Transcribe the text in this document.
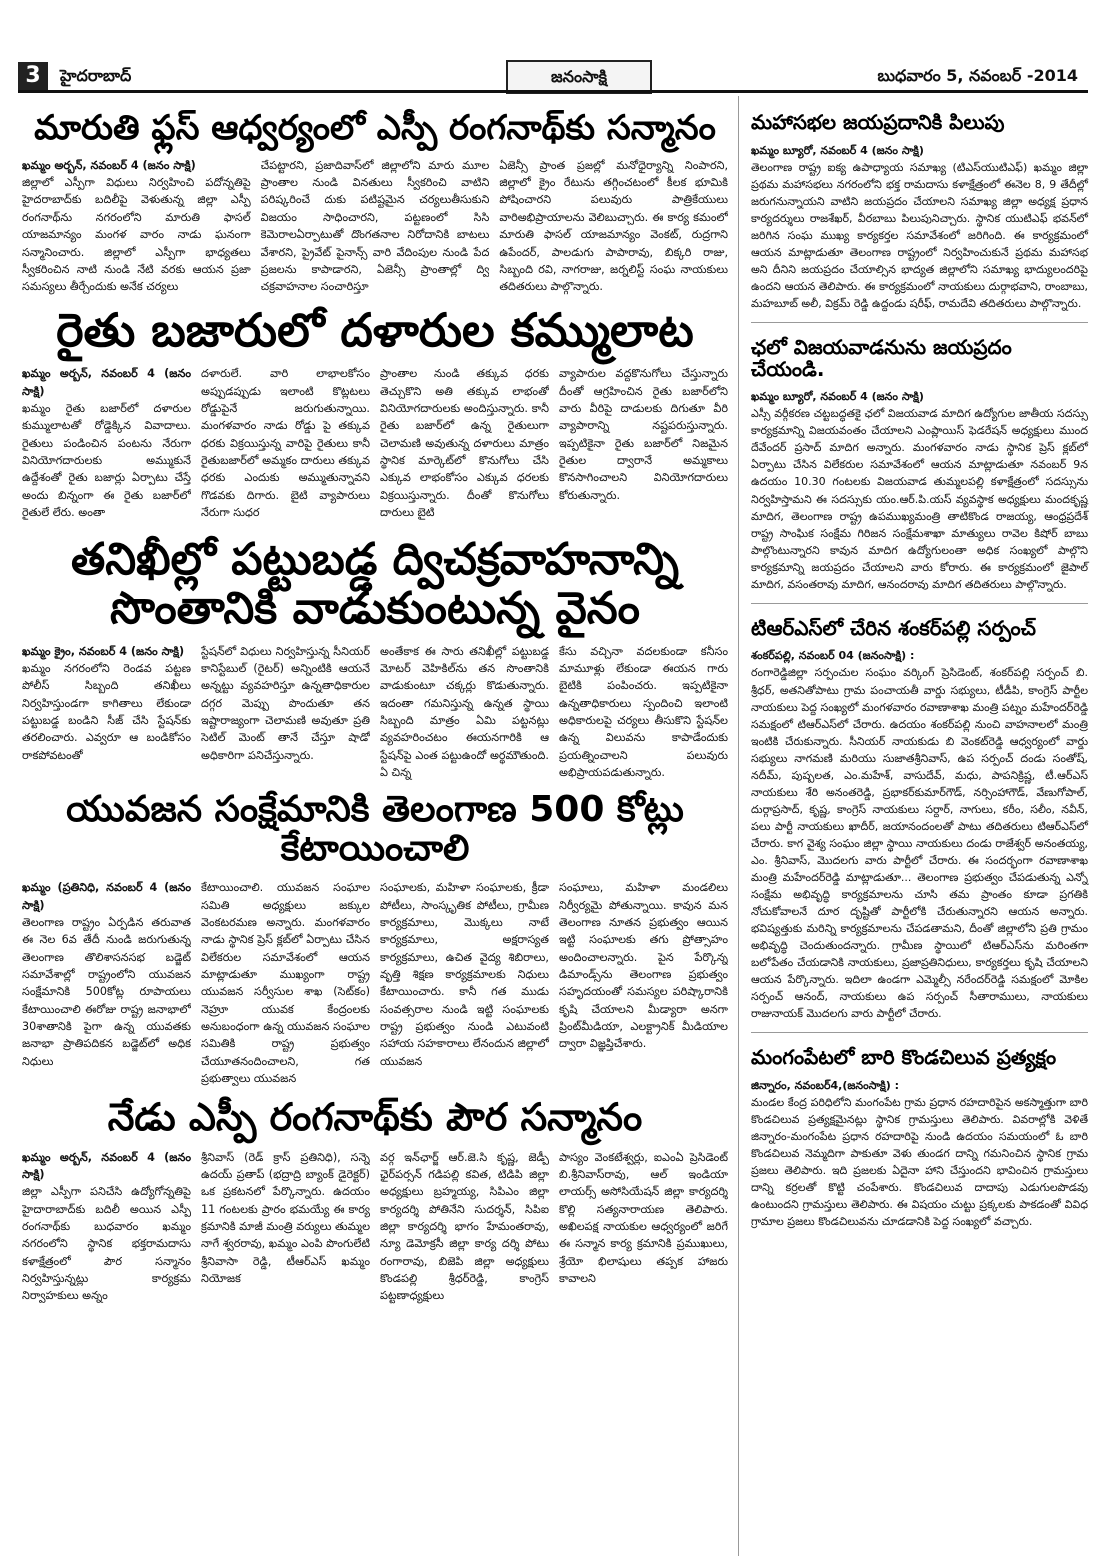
3	హైదరాబాద్	జనంసాక్షి	బుధవారం 5, నవంబర్ -2014
మారుతి ఫ్లస్ ఆధ్వర్యంలో ఎస్పీ రంగనాథ్‌కు సన్మానం
ఖమ్మం అర్బన్, నవంబర్ 4 (జనం సాక్షి)
జిల్లాలో ఎస్పీగా విధులు నిర్వహించి పదోన్నతిపై హైదరాబాద్‌కు బదిలీపై వెళుతున్న జిల్లా ఎస్పీ రంగనాథ్‌ను నగరంలోని మారుతి ఫాసల్ యాజమాన్యం మంగళ వారం నాడు ఘనంగా సన్మానించారు. జిల్లాలో ఎస్పీగా భాధ్యతలు స్వీకరించిన నాటి నుండి నేటి వరకు ఆయన ప్రజా సమస్యలు తీర్చేందుకు అనేక చర్యలు
చేపట్టారని, ప్రజాదివాస్‌లో జిల్లాలోని మారు మూల ప్రాంతాల నుండి వినతులు స్వీకరించి వాటిని పరిష్కరించే దుకు పటిష్టమైన చర్యలుతీసుకుని విజయం సాధించారని, పట్టణంలో సిసి కెమెరాలఏర్పాటుతో దొంగతనాల నిరోదానికి బాటలు వేశారని, ప్రైవేట్ పైనాన్స్ వారి వేదింపుల నుండి పేద ప్రజలను కాపాడారని, ఏజెన్సీ ప్రాంతాల్లో ద్వి చక్రవాహనాల సంచారిస్తూ
ఏజెన్సీ ప్రాంత ప్రజల్లో మనోధైర్యాన్ని నింపారని, జిల్లాలో క్రైం రేటును తగ్గించటంలో కీలక భూమికి పోషించారని పలువురు పాత్రికేయులు వారిఅభిప్రాయాలను వెలిబుచ్చారు. ఈ కార్య కమంలో మారుతి ఫాసల్ యాజమాన్యం వెంకట్, రుద్రగాని ఉపేందర్, పాలడుగు పాపారావు, బిక్కరి రాజు, సిబ్బంది రవి, నాగరాజు, జర్నలిస్ట్ సంఘ నాయకులు తదితరులు పాల్గొన్నారు.
రైతు బజారులో దళారుల కమ్ములాట
ఖమ్మం అర్బన్, నవంబర్ 4 (జనం సాక్షి)
ఖమ్మం రైతు బజార్‌లో దళారుల కుమ్ములాటతో రోడ్డెక్కిన వివాదాలు. రైతులు పండించిన పంటను నేరుగా వినియోగదారులకు అమ్ముకునే ఉద్దేశంతో రైతు బజార్లు ఏర్పాటు చేస్తే అందు బిన్నంగా ఈ రైతు బజార్‌లో రైతులే లేరు. అంతా
దళారులే. వారి లాభాలకోసం అప్పుడప్పుడు ఇలాంటి కొట్లటలు రోడ్డుపైనే జరుగుతున్నాయి. మంగళవారం నాడు రోడ్డు పై తక్కువ ధరకు విక్రయిస్తున్న వారిపై రైతులు కానీ రైతుబజార్‌లో అమ్మకం దారులు తక్కువ ధరకు ఎందుకు అమ్ముతున్నావని గొడవకు దిగారు. బైటి వ్యాపారులు నేరుగా సుధర
ప్రాంతాల నుండి తక్కువ ధరకు తెచ్చుకొని అతి తక్కువ లాభంతో వినియోగదారులకు అందిస్తున్నారు. కానీ రైతు బజార్‌లో ఉన్న రైతులుగా చెలామణి అవుతున్న దళారులు మాత్రం స్థానిక మార్కెట్‌లో కొనుగోలు చేసి ఎక్కువ లాభంకోసం ఎక్కువ ధరలకు విక్రయిస్తున్నారు. దీంతో కొనుగోలు దారులు బైటి
వ్యాపారుల వద్దకొనుగోలు చేస్తున్నారు దీంతో ఆగ్రహించిన రైతు బజార్‌లోని వారు వీరిపై దాడులకు దిగుతూ వీరి వ్యాపారాన్ని నష్టపరుస్తున్నారు. ఇప్పటికైనా రైతు బజార్‌లో నిజమైన రైతుల ద్వారానే అమ్మకాలు కొనసాగించాలని వినియోగదారులు కోరుతున్నారు.
తనిఖీల్లో పట్టుబడ్డ ద్విచక్రవాహనాన్ని
సొంతానికి వాడుకుంటున్న వైనం
ఖమ్మం క్రైం, నవంబర్ 4 (జనం సాక్షి)
ఖమ్మం నగరంలోని రెండవ పట్టణ పోలీస్ సిబ్బంది తనిఖీలు నిర్వహిస్తుండగా కాగితాలు లేకుండా పట్టుబడ్డ బండిని సీజ్ చేసి స్టేషన్‌కు తరలించారు. ఎవ్వరూ ఆ బండికోసం రాకపోవటంతో
స్టేషన్‌లో విధులు నిర్వహిస్తున్న సీనియర్ కానిస్టేబుల్ (రైటర్) అన్నింటికి ఆయనే అన్నట్టు వ్యవహరిస్తూ ఉన్నతాధికారుల దగ్గర మెప్పు పొందుతూ తన ఇష్టారాజ్యంగా చెలామణి అవుతూ ప్రతి సెటిల్ మెంట్ తానే చేస్తూ షాడో అధికారిగా పనిచేస్తున్నారు.
అంతేకాక ఈ సారు తనిఖీల్లో పట్టుబడ్డ మోటర్ వెహికిల్‌ను తన సొంతానికి వాడుకుంటూ చక్కర్లు కొడుతున్నారు. ఇదంతా గమనిస్తున్న ఉన్నత స్థాయి సిబ్బంది మాత్రం ఏమి పట్టనట్లు వ్యవహరించటం ఈయనగారికి ఆ స్టేషన్‌పై ఎంత పట్టుఉందో అర్థమౌతుంది. ఏ చిన్న
కేసు వచ్చినా వదలకుండా కనీసం మామూళ్లు లేకుండా ఈయన గారు బైటికి పంపించరు. ఇప్పటికైనా ఉన్నతాధికారులు స్పందించి ఇలాంటి అధికారులపై చర్యలు తీసుకొని స్టేషన్‌ల ఉన్న విలువను కాపాడేందుకు ప్రయత్నించాలని పలువురు అభిప్రాయపడుతున్నారు.
యువజన సంక్షేమానికి తెలంగాణ 500 కోట్లు
కేటాయించాలి
ఖమ్మం (ప్రతినిధి, నవంబర్ 4 (జనం సాక్షి)
తెలంగాణ రాష్ట్రం ఏర్పడిన తరువాత ఈ నెల 6వ తేదీ నుండి జరుగుతున్న తెలంగాణ తొలిశాసనసభ బడ్జెట్ సమావేశాల్లో రాష్ట్రంలోని యువజన సంక్షేమానికి 500కోట్ల రూపాయలు కేటాయించాలి ఈరోజు రాష్ట్ర జనాభాలో 30శాతానికి పైగా ఉన్న యువతకు జనాభా ప్రాతిపదికన బడ్జెట్‌లో అధిక నిధులు
కేటాయించాలి. యువజన సంఘాల సమితి అధ్యక్షులు జక్కుల వెంకటరమణ అన్నారు. మంగళవారం నాడు స్థానిక ప్రెస్ క్లబ్‌లో ఏర్పాటు చేసిన విలేకరుల సమావేశంలో ఆయన మాట్లాడుతూ ముఖ్యంగా రాష్ట్ర యువజన సర్వీసుల శాఖ (సెట్‌కం) నెహ్రూ యువక కేంద్రంలకు అనుబంధంగా ఉన్న యువజన సంఘాల సమితికి రాష్ట్ర ప్రభుత్వం చేయూతనందించాలని, గత ప్రభుత్వాలు యువజన
సంఘాలకు, మహిళా సంఘాలకు, క్రీడా పోటీలు, సాంస్కృతిక పోటీలు, గ్రామీణ కార్యక్రమాలు, మొక్కలు నాటే కార్యక్రమాలు, అక్షరాస్యత కార్యక్రమాలు, ఉచిత వైద్య శిబిరాలు, వృత్తి శిక్షణ కార్యక్రమాలకు నిధులు కేటాయించారు. కానీ గత ముడు సంవత్సరాల నుండి ఇట్టి సంఘాలకు రాష్ట్ర ప్రభుత్వం నుండి ఎటువంటి సహాయ సహకారాలు లేనందున జిల్లాలో యువజన
సంఘాలు, మహిళా మండలిలు నిర్వీర్యమై పోతున్నాయి. కావున మన తెలంగాణ నూతన ప్రభుత్వం ఆయిన ఇట్టి సంఘాలకు తగు ప్రోత్సాహం అందించాలన్నారు. పైన పేర్కొన్న డిమాండ్స్‌ను తెలంగాణ ప్రభుత్వం సహృదయంతో సమస్యల పరిష్కారానికి కృషి చేయాలని మీడ్యారా అనగా ప్రింట్‌మీడియా, ఎలక్ట్రానిక్ మీడియాల ద్వారా విజ్ఞప్తిచేశారు.
నేడు ఎస్పీ రంగనాథ్‌కు పౌర సన్మానం
ఖమ్మం అర్బన్, నవంబర్ 4 (జనం సాక్షి)
జిల్లా ఎస్పీగా పనిచేసి ఉద్యోగోన్నతిపై హైదారాబాద్‌కు బదిలీ అయిన ఎస్పీ రంగనాథ్‌కు బుధవారం ఖమ్మం నగరంలోని స్థానిక భక్తరామదాసు కళాక్షేత్రంలో పౌర సన్మానం నిర్వహిస్తున్నట్లు కార్యక్రమ నిర్వాహకులు అన్నం
శ్రీనివాస్ (రెడ్ క్రాస్ ప్రతినిధి), సన్నె ఉదయ్ ప్రతాప్ (భద్రాద్రి బ్యాంక్ డైరెక్టర్) ఒక ప్రకటనలో పేర్కొన్నారు. ఉదయం 11 గంటలకు ప్రారం భమయ్యే ఈ కార్య క్రమానికి మాజీ మంత్రి వర్యులు తుమ్మల నాగే శ్వరరావు, ఖమ్మం ఎంపి పొంగులేటి శ్రీనివాసా రెడ్డి, టీఆర్ఎస్ ఖమ్మం నియోజక
వర్గ ఇన్‌ఛార్జ్ ఆర్.జె.సి కృష్ణ, జెడ్పీ ఛైర్‌పర్సన్ గడిపల్లి కవిత, టిడిపి జిల్లా అధ్యక్షులు బ్రహ్మయ్య, సిపిఎం జిల్లా కార్యదర్శి పోతినేని సుదర్శన్, సిపిఐ జిల్లా కార్యదర్శి భాగం హేమంతరావు, న్యూ డెమోక్రసీ జిల్లా కార్య దర్శి పోటు రంగారావు, బిజెపి జిల్లా అధ్యక్షులు కొండపల్లి శ్రీధర్‌రెడ్డి, కాంగ్రెస్ పట్టణాధ్యక్షులు
పాస్యం వెంకటేశ్వర్లు, ఐఎంఏ ప్రెసిడెంట్ బి.శ్రీనివాస్‌రావు, ఆల్ ఇండియా లాయర్స్ అసోసియేషన్ జిల్లా కార్యదర్శి కొల్లి సత్యనారాయణ తెలిపారు. అఖిలపక్ష నాయకుల ఆధ్వర్యంలో జరిగే ఈ సన్మాన కార్య క్రమానికి ప్రముఖులు, శ్రేయో భిలాషులు తప్పక హాజరు కావాలని
మహాసభల జయప్రదానికి పిలుపు
ఖమ్మం బ్యూరో, నవంబర్ 4 (జనం సాక్షి)
తెలంగాణ రాష్ట్ర ఐక్య ఉపాధ్యాయ సమాఖ్య (టిఎస్‌యుటిఎఫ్) ఖమ్మం జిల్లా ప్రథమ మహాసభలు నగరంలోని భక్త రామదాసు కళాక్షేత్రంలో ఈనెల 8, 9 తేదీల్లో జరుగనున్నాయని వాటిని జయప్రదం చేయాలని సమాఖ్య జిల్లా అధ్యక్ష ప్రధాన కార్యదర్శులు రాజశేఖర్, వీరబాబు పిలుపునిచ్చారు. స్థానిక యుటిఎఫ్ భవన్‌లో జరిగిన సంఘ ముఖ్య కార్యకర్తల సమావేశంలో జరిగింది. ఈ కార్యక్రమంలో ఆయన మాట్లాడుతూ తెలంగాణ రాష్ట్రంలో నిర్వహించుకునే ప్రథమ మహాసభ అని దీనిని జయప్రదం చేయాల్సిన భాద్యత జిల్లాలోని సమాఖ్య భాద్యులందరిపై ఉందని ఆయన తెలిపారు. ఈ కార్యక్రమంలో నాయకులు దుర్గాభవాని, రాంబాబు, మహబూబ్ అలీ, విక్రమ్ రెడ్డి ఉద్దండు షరీఫ్, రామదేవి తదితరులు పాల్గొన్నారు.
ఛలో విజయవాడనును జయప్రదం చేయండి.
ఖమ్మం బ్యూరో, నవంబర్ 4 (జనం సాక్షి)
ఎస్సీ వర్గీకరణ చట్టబద్ధతకై ఛలో విజయవాడ మాదిగ ఉద్యోగుల జాతీయ సదస్సు కార్యక్రమాన్ని విజయవంతం చేయాలని ఎంప్లాయిస్ ఫెడరేషన్ అధ్యక్షులు ముంద దేవేందర్ ప్రసాద్ మాదిగ అన్నారు. మంగళవారం నాడు స్థానిక ప్రెస్ క్లబ్‌లో ఏర్పాటు చేసిన విలేకరుల సమావేశంలో ఆయన మాట్లాడుతూ నవంబర్ 9న ఉదయం 10.30 గంటలకు విజయవాడ తుమ్మలపల్లి కళాక్షేత్రంలో సదస్సును నిర్వహిస్తామని ఈ సదస్సుకు యం.ఆర్.పి.యస్ వ్యవస్థాక అధ్యక్షులు మందకృష్ణ మాదిగ, తెలంగాణ రాష్ట్ర ఉపముఖ్యమంత్రి తాటికొండ రాజయ్య, ఆంధ్రప్రదేశ్ రాష్ట్ర సాంఘిక సంక్షేమ గిరిజన సంక్షేమశాఖా మాత్యులు రావెల కిషోర్ బాబు పాల్గొంటున్నారని కావున మాదిగ ఉద్యోగులంతా అధిక సంఖ్యలో పాల్గొని కార్యక్రమాన్ని జయప్రదం చేయాలని వారు కోరారు. ఈ కార్యక్రమంలో జైపాల్ మాదిగ, వసంతరావు మాదిగ, ఆనందరావు మాదిగ తదితరులు పాల్గొన్నారు.
టిఆర్ఎస్‌లో చేరిన శంకర్‌పల్లి సర్పంచ్
శంకర్‌పల్లి, నవంబర్ 04 (జనంసాక్షి) :
రంగారెడ్డిజిల్లా సర్పంచుల సంఘం వర్కింగ్ ప్రెసిడెంట్, శంకర్‌పల్లి సర్పంచ్ బి. శ్రీధర్, అతనితోపాటు గ్రామ పంచాయతీ వార్డు సభ్యులు, టీడీపి, కాంగ్రెస్ పార్టీల నాయకులు పెద్ద సంఖ్యలో మంగళవారం రవాణాశాఖ మంత్రి పట్నం మహేందర్‌రెడ్డి సమక్షంలో టిఆర్ఎస్‌లో చేరారు. ఉదయం శంకర్‌పల్లి నుంచి వాహనాలలో మంత్రి ఇంటికి చేరుకున్నారు. సీనియర్ నాయకుడు బి వెంకట్‌రెడ్డి ఆధ్వర్యంలో వార్డు సభ్యులు నాగమణి మరియు సుజాతశ్రీనివాస్, ఉప సర్పంచ్ దండు సంతోష్, నదీమ్, పుష్పలత, ఎం.మహేశ్, వాసుదేవ్, మధు, పాపనిక్రిష్ణ, టీ.ఆర్ఎస్ నాయకులు శేరి అనంతరెడ్డి, ప్రభాకర్‌కుమార్‌గౌడ్, నర్సింహాగౌడ్, వేణుగోపాల్, దుర్గాప్రసాద్, కృష్ణ, కాంగ్రెస్ నాయకులు సర్దార్, నాగులు, కరీం, సలీం, నవీన్, పలు పార్టీ నాయకులు ఖాదీర్, జయానందంలతో పాటు తదితరులు టిఆర్ఎస్‌లో చేరారు. కాగ వైశ్య సంఘం జిల్లా స్థాయి నాయకులు దండు రాజేశ్వర్ అనంతయ్య, ఎం. శ్రీనివాస్, మొదలగు వారు పార్టీలో చేరారు. ఈ సందర్భంగా రవాణాశాఖ మంత్రి మహేందర్‌రెడ్డి మాట్లాడుతూ... తెలంగాణ ప్రభుత్వం చేపడుతున్న ఎన్నో సంక్షేమ అభివృద్ధి కార్యక్రమాలను చూసి తమ ప్రాంతం కూడా ప్రగతికి నోచుకోవాలనే దూర దృష్టితో పార్టీలోకి చేరుతున్నారని ఆయన అన్నారు. భవిష్యత్తుకు మరిన్ని కార్యక్రమాలను చేపడతామని, దీంతో జిల్లాలోని ప్రతి గ్రామం అభివృద్ధి చెందుతుందన్నారు. గ్రామీణ స్థాయిలో టిఆర్ఎస్‌ను మరింతగా బలోపేతం చేయడానికి నాయకులు, ప్రజాప్రతినిధులు, కార్యకర్తలు కృషి చేయాలని ఆయన పేర్కొన్నారు. ఇదిలా ఉండగా ఎమ్మెల్సీ నరేందర్‌రెడ్డి సమక్షంలో మోకిల సర్పంచ్ ఆనంద్, నాయకులు ఉప సర్పంచ్ సీతారాములు, నాయకులు రాజునాయక్ మొదలగు వారు పార్టీలో చేరారు.
మంగంపేటలో బారి కొండచిలువ ప్రత్యక్షం
జిన్నారం, నవంబర్4,(జనంసాక్షి) :
మండల కేంద్ర పరిధిలోని మంగంపేట గ్రామ ప్రధాన రహదారిపైన అకస్మాత్తుగా బారి కొండచిలువ ప్రత్యక్షమైనట్లు స్థానిక గ్రామస్తులు తెలిపారు. వివరాల్లోకి వెళితే జిన్నారం-మంగంపేట ప్రధాన రహదారిపై నుండి ఉదయం సమయంలో ఓ బారి కొండచిలువ నెమ్మదిగా పాకుతూ వెళు తుండగ దాన్ని గమనించిన స్థానిక గ్రామ ప్రజలు తెలిపారు. ఇది ప్రజలకు ఏదైనా హాని చేస్తుందని భావించిన గ్రామస్తులు దాన్ని కర్రలతో కొట్టి చంపేశారు. కొండచిలువ దాదాపు ఎడుగులపొడవు ఉంటుందని గ్రామస్తులు తెలిపారు. ఈ విషయం చుట్టు ప్రక్కలకు పాకడంతో వివిధ గ్రామాల ప్రజలు కొండచిలువను చూడడానికి పెద్ద సంఖ్యలో వచ్చారు.
